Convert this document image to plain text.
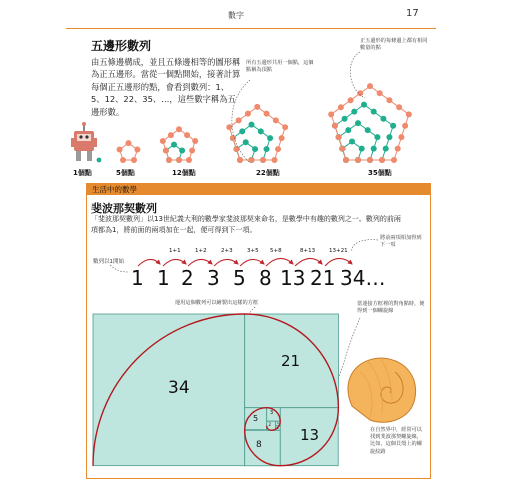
數字	17
五邊形數列
由五條邊構成，並且五條邊相等的圖形稱為正五邊形。當從一個點開始，接著計算每個正五邊形的點，會看到數列：1、5、12、22、35、…，這些數字稱為五邊形數。
所有五邊形共用一個點，這個點稱為頂點
正五邊形的每條邊上都有相同數量的點
1個點	5個點	12個點	22個點	35個點
生活中的數學
斐波那契數列
「斐波那契數列」以13世紀義大利的數學家斐波那契來命名，是數學中有趣的數列之一。數列的前兩項都為1，將前面的兩項加在一起，便可得到下一項。
數列以1開始
將前兩項相加得到下一項
運用這個數列可以繪製出這樣的方框	當連接方框裡的對角點時，便得到一個螺旋線
在自然界中，經常可以找到斐波那契螺旋線，比如，這個貝殼上的螺旋紋路
1 1 2 3 5 8 13 21 34…
1+1	1+2	2+3	3+5 5+8	8+13	13+21
34
21
13
8
5
3
2 1
1
